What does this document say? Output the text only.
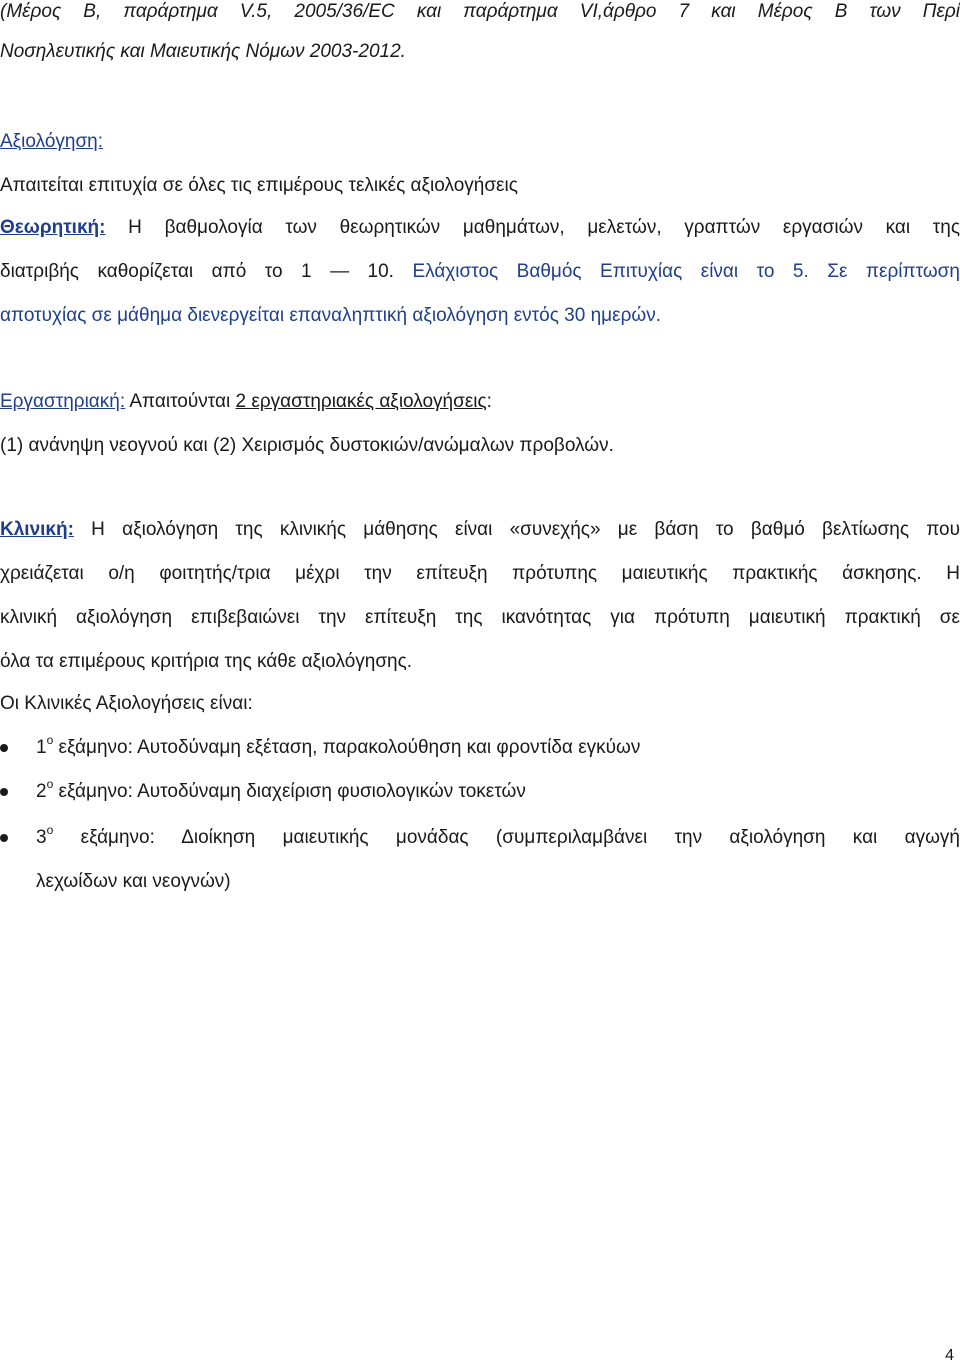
(Μέρος Β, παράρτημα V.5, 2005/36/ΕC και παράρτημα VI,άρθρο 7 και Μέρος Β των Περί
Νοσηλευτικής και Μαιευτικής Νόμων 2003-2012.
Αξιολόγηση:
Απαιτείται επιτυχία σε όλες τις επιμέρους τελικές αξιολογήσεις
Θεωρητική: Η βαθμολογία των θεωρητικών μαθημάτων, μελετών, γραπτών εργασιών και της
διατριβής καθορίζεται από το 1 — 10. Ελάχιστος Βαθμός Επιτυχίας είναι το 5. Σε περίπτωση
αποτυχίας σε μάθημα διενεργείται επαναληπτική αξιολόγηση εντός 30 ημερών.
Εργαστηριακή: Απαιτούνται 2 εργαστηριακές αξιολογήσεις:
(1) ανάνηψη νεογνού και (2) Χειρισμός δυστοκιών/ανώμαλων προβολών.
Κλινική: Η αξιολόγηση της κλινικής μάθησης είναι «συνεχής» με βάση το βαθμό βελτίωσης που
χρειάζεται ο/η φοιτητής/τρια μέχρι την επίτευξη πρότυπης μαιευτικής πρακτικής άσκησης. Η
κλινική αξιολόγηση επιβεβαιώνει την επίτευξη της ικανότητας για πρότυπη μαιευτική πρακτική σε
όλα τα επιμέρους κριτήρια της κάθε αξιολόγησης.
Οι Κλινικές Αξιολογήσεις είναι:
$1^o$ εξάμηνο: Αυτοδύναμη εξέταση, παρακολούθηση και φροντίδα εγκύων
$2^o$ εξάμηνο: Αυτοδύναμη διαχείριση φυσιολογικών τοκετών
$3^o$ εξάμηνο: Διοίκηση μαιευτικής μονάδας (συμπεριλαμβάνει την αξιολόγηση και αγωγή
λεχωίδων και νεογνών)
4
